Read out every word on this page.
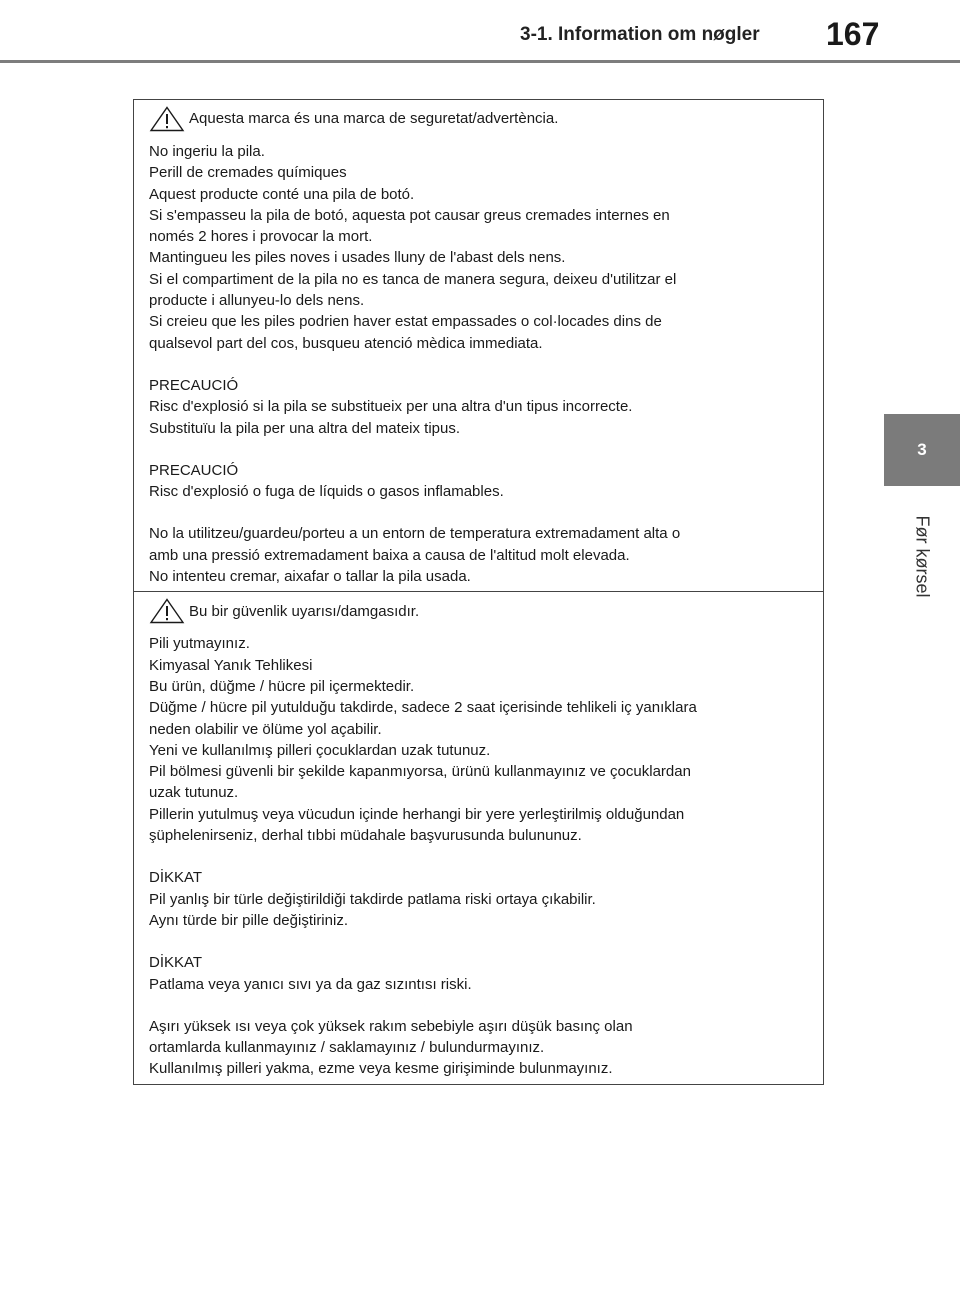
3-1. Information om nøgler 167
3
Før kørsel
Aquesta marca és una marca de seguretat/advertència.

No ingeriu la pila.

Perill de cremades químiques

Aquest producte conté una pila de botó.

Si s'empasseu la pila de botó, aquesta pot causar greus cremades internes en

només 2 hores i provocar la mort.

Mantingueu les piles noves i usades lluny de l'abast dels nens.

Si el compartiment de la pila no es tanca de manera segura, deixeu d'utilitzar el

producte i allunyeu-lo dels nens.

Si creieu que les piles podrien haver estat empassades o col·locades dins de

qualsevol part del cos, busqueu atenció mèdica immediata.

PRECAUCIÓ

Risc d'explosió si la pila se substitueix per una altra d'un tipus incorrecte.

Substituïu la pila per una altra del mateix tipus.

PRECAUCIÓ

Risc d'explosió o fuga de líquids o gasos inflamables.

No la utilitzeu/guardeu/porteu a un entorn de temperatura extremadament alta o

amb una pressió extremadament baixa a causa de l'altitud molt elevada.

No intenteu cremar, aixafar o tallar la pila usada.

Bu bir güvenlik uyarısı/damgasıdır.

Pili yutmayınız.

Kimyasal Yanık Tehlikesi

Bu ürün, düğme / hücre pil içermektedir.

Düğme / hücre pil yutulduğu takdirde, sadece 2 saat içerisinde tehlikeli iç yanıklara

neden olabilir ve ölüme yol açabilir.

Yeni ve kullanılmış pilleri çocuklardan uzak tutunuz.

Pil bölmesi güvenli bir şekilde kapanmıyorsa, ürünü kullanmayınız ve çocuklardan

uzak tutunuz.

Pillerin yutulmuş veya vücudun içinde herhangi bir yere yerleştirilmiş olduğundan

şüphelenirseniz, derhal tıbbi müdahale başvurusunda bulununuz.

DİKKAT

Pil yanlış bir türle değiştirildiği takdirde patlama riski ortaya çıkabilir.

Aynı türde bir pille değiştiriniz.

DİKKAT

Patlama veya yanıcı sıvı ya da gaz sızıntısı riski.

Aşırı yüksek ısı veya çok yüksek rakım sebebiyle aşırı düşük basınç olan

ortamlarda kullanmayınız / saklamayınız / bulundurmayınız.

Kullanılmış pilleri yakma, ezme veya kesme girişiminde bulunmayınız.
